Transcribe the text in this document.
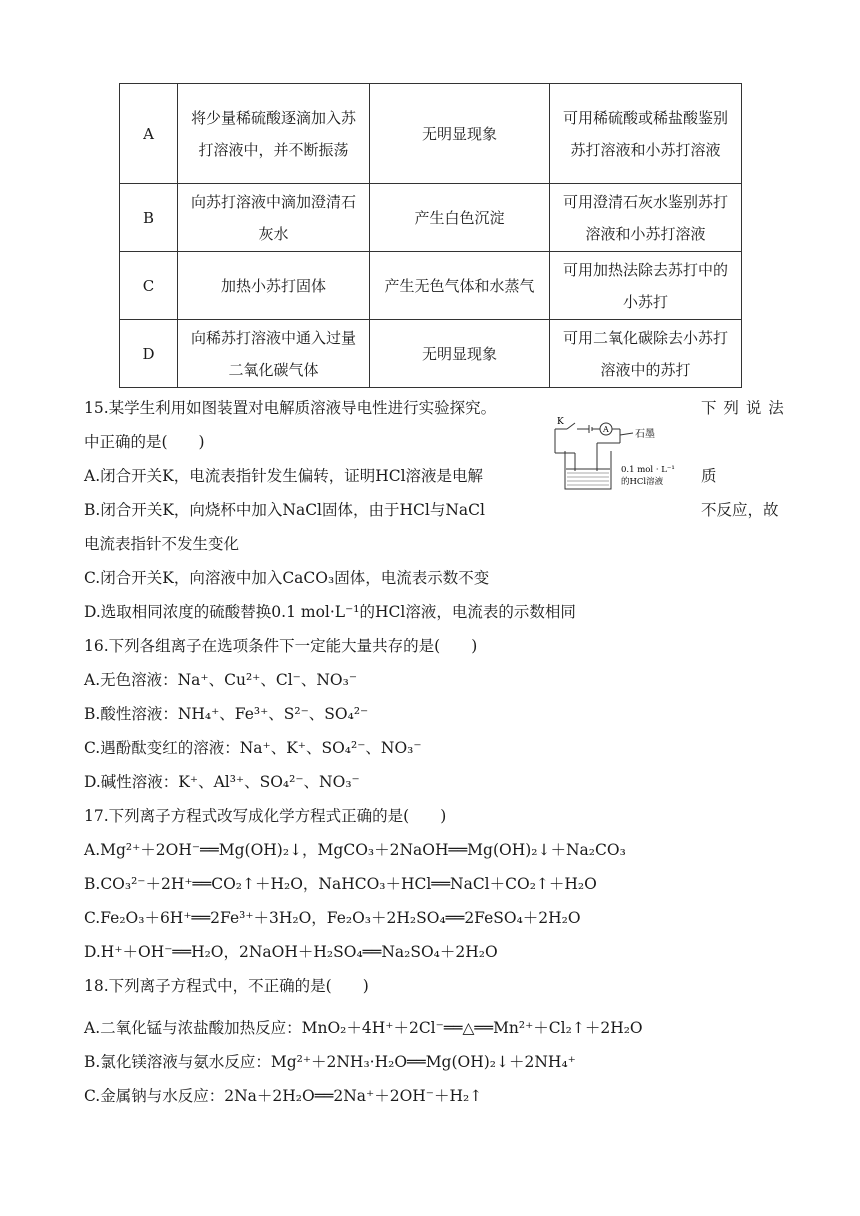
A	将少量稀硫酸逐滴加入苏打溶液中，并不断振荡	无明显现象	可用稀硫酸或稀盐酸鉴别苏打溶液和小苏打溶液
B	向苏打溶液中滴加澄清石灰水	产生白色沉淀	可用澄清石灰水鉴别苏打溶液和小苏打溶液
C	加热小苏打固体	产生无色气体和水蒸气	可用加热法除去苏打中的小苏打
D	向稀苏打溶液中通入过量二氧化碳气体	无明显现象	可用二氧化碳除去小苏打溶液中的苏打
15.某学生利用如图装置对电解质溶液导电性进行实验探究。	下 列 说 法
中正确的是(　　)
A.闭合开关K，电流表指针发生偏转，证明HCl溶液是电解	质
B.闭合开关K，向烧杯中加入NaCl固体，由于HCl与NaCl	不反应，故
电流表指针不发生变化
C.闭合开关K，向溶液中加入CaCO₃固体，电流表示数不变
D.选取相同浓度的硫酸替换0.1 mol·L⁻¹的HCl溶液，电流表的示数相同
K
A	石墨
0.1 mol · L⁻¹
的HCl溶液
16.下列各组离子在选项条件下一定能大量共存的是(　　)
A.无色溶液：Na⁺、Cu²⁺、Cl⁻、NO₃⁻
B.酸性溶液：NH₄⁺、Fe³⁺、S²⁻、SO₄²⁻
C.遇酚酞变红的溶液：Na⁺、K⁺、SO₄²⁻、NO₃⁻
D.碱性溶液：K⁺、Al³⁺、SO₄²⁻、NO₃⁻
17.下列离子方程式改写成化学方程式正确的是(　　)
A.Mg²⁺＋2OH⁻══Mg(OH)₂↓，MgCO₃＋2NaOH══Mg(OH)₂↓＋Na₂CO₃
B.CO₃²⁻＋2H⁺══CO₂↑＋H₂O，NaHCO₃＋HCl══NaCl＋CO₂↑＋H₂O
C.Fe₂O₃＋6H⁺══2Fe³⁺＋3H₂O，Fe₂O₃＋2H₂SO₄══2FeSO₄＋2H₂O
D.H⁺＋OH⁻══H₂O，2NaOH＋H₂SO₄══Na₂SO₄＋2H₂O
18.下列离子方程式中，不正确的是(　　)
A.二氧化锰与浓盐酸加热反应：MnO₂＋4H⁺＋2Cl⁻══△══Mn²⁺＋Cl₂↑＋2H₂O
B.氯化镁溶液与氨水反应：Mg²⁺＋2NH₃·H₂O══Mg(OH)₂↓＋2NH₄⁺
C.金属钠与水反应：2Na＋2H₂O══2Na⁺＋2OH⁻＋H₂↑
